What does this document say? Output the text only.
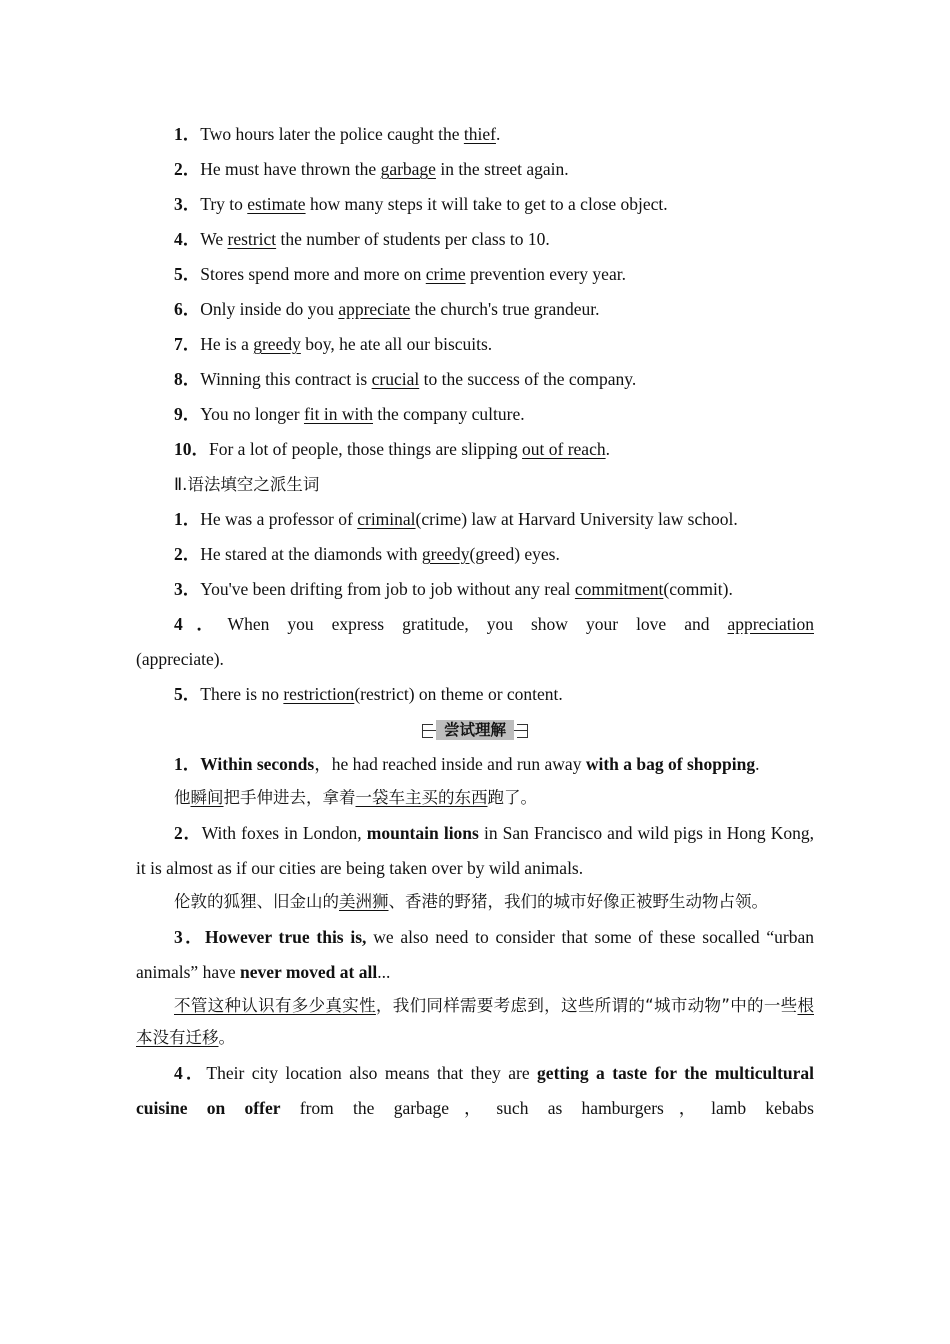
1．Two hours later the police caught the thief.
2．He must have thrown the garbage in the street again.
3．Try to estimate how many steps it will take to get to a close object.
4．We restrict the number of students per class to 10.
5．Stores spend more and more on crime prevention every year.
6．Only inside do you appreciate the church's true grandeur.
7．He is a greedy boy, he ate all our biscuits.
8．Winning this contract is crucial to the success of the company.
9．You no longer fit in with the company culture.
10．For a lot of people, those things are slipping out of reach.
Ⅱ.语法填空之派生词
1．He was a professor of criminal(crime) law at Harvard University law school.
2．He stared at the diamonds with greedy(greed) eyes.
3．You've been drifting from job to job without any real commitment(commit).
4．When you express gratitude, you show your love and appreciation
(appreciate).
5．There is no restriction(restrict) on theme or content.
尝试理解
1．Within seconds，he had reached inside and run away with a bag of shopping.
他瞬间把手伸进去，拿着一袋车主买的东西跑了。
2．With foxes in London, mountain lions in San Francisco and wild pigs in Hong Kong, it is almost as if our cities are being taken over by wild animals.
伦敦的狐狸、旧金山的美洲狮、香港的野猪，我们的城市好像正被野生动物占领。
3．However true this is, we also need to consider that some of these socalled “urban animals” have never moved at all...
不管这种认识有多少真实性，我们同样需要考虑到，这些所谓的“城市动物”中的一些根本没有迁移。
4．Their city location also means that they are getting a taste for the multicultural cuisine on offer from the garbage，such as hamburgers，lamb kebabs
